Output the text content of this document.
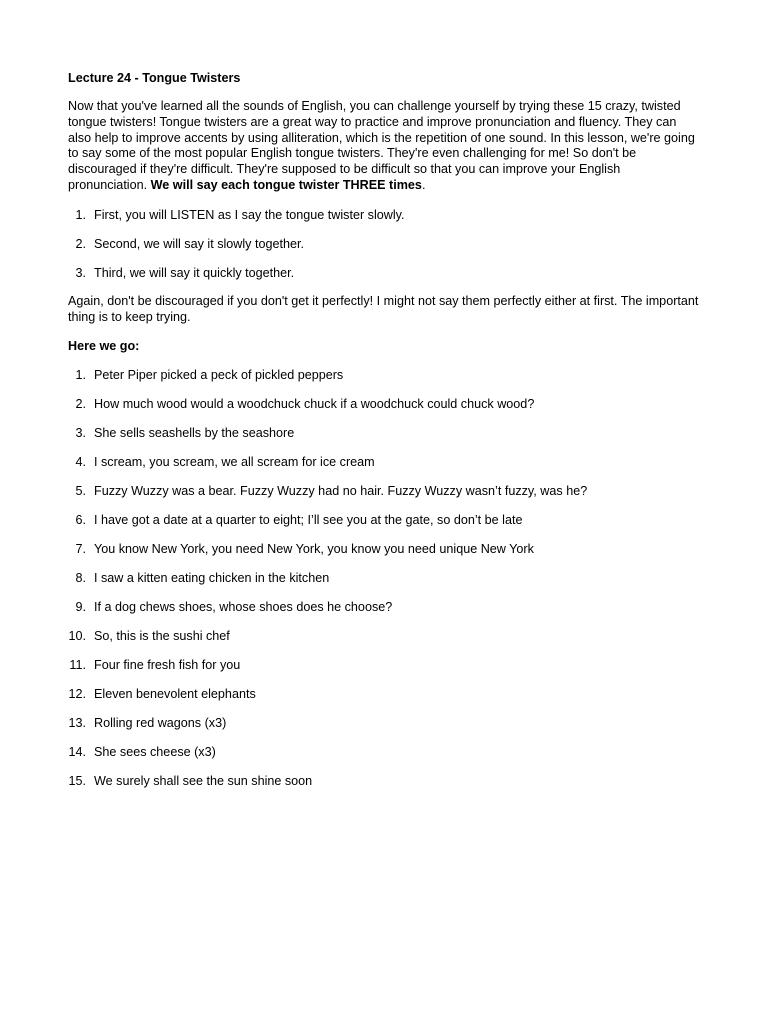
Lecture 24 - Tongue Twisters

Now that you've learned all the sounds of English, you can challenge yourself by trying these 15 crazy, twisted tongue twisters! Tongue twisters are a great way to practice and improve pronunciation and fluency. They can also help to improve accents by using alliteration, which is the repetition of one sound. In this lesson, we're going to say some of the most popular English tongue twisters. They're even challenging for me! So don't be discouraged if they're difficult. They're supposed to be difficult so that you can improve your English pronunciation. We will say each tongue twister THREE times.

1. First, you will LISTEN as I say the tongue twister slowly.
2. Second, we will say it slowly together.
3. Third, we will say it quickly together.

Again, don't be discouraged if you don't get it perfectly! I might not say them perfectly either at first. The important thing is to keep trying.

Here we go:
1. Peter Piper picked a peck of pickled peppers
2. How much wood would a woodchuck chuck if a woodchuck could chuck wood?
3. She sells seashells by the seashore
4. I scream, you scream, we all scream for ice cream
5. Fuzzy Wuzzy was a bear. Fuzzy Wuzzy had no hair. Fuzzy Wuzzy wasn’t fuzzy, was he?
6. I have got a date at a quarter to eight; I’ll see you at the gate, so don’t be late
7. You know New York, you need New York, you know you need unique New York
8. I saw a kitten eating chicken in the kitchen
9. If a dog chews shoes, whose shoes does he choose?
10. So, this is the sushi chef
11. Four fine fresh fish for you
12. Eleven benevolent elephants
13. Rolling red wagons (x3)
14. She sees cheese (x3)
15. We surely shall see the sun shine soon
